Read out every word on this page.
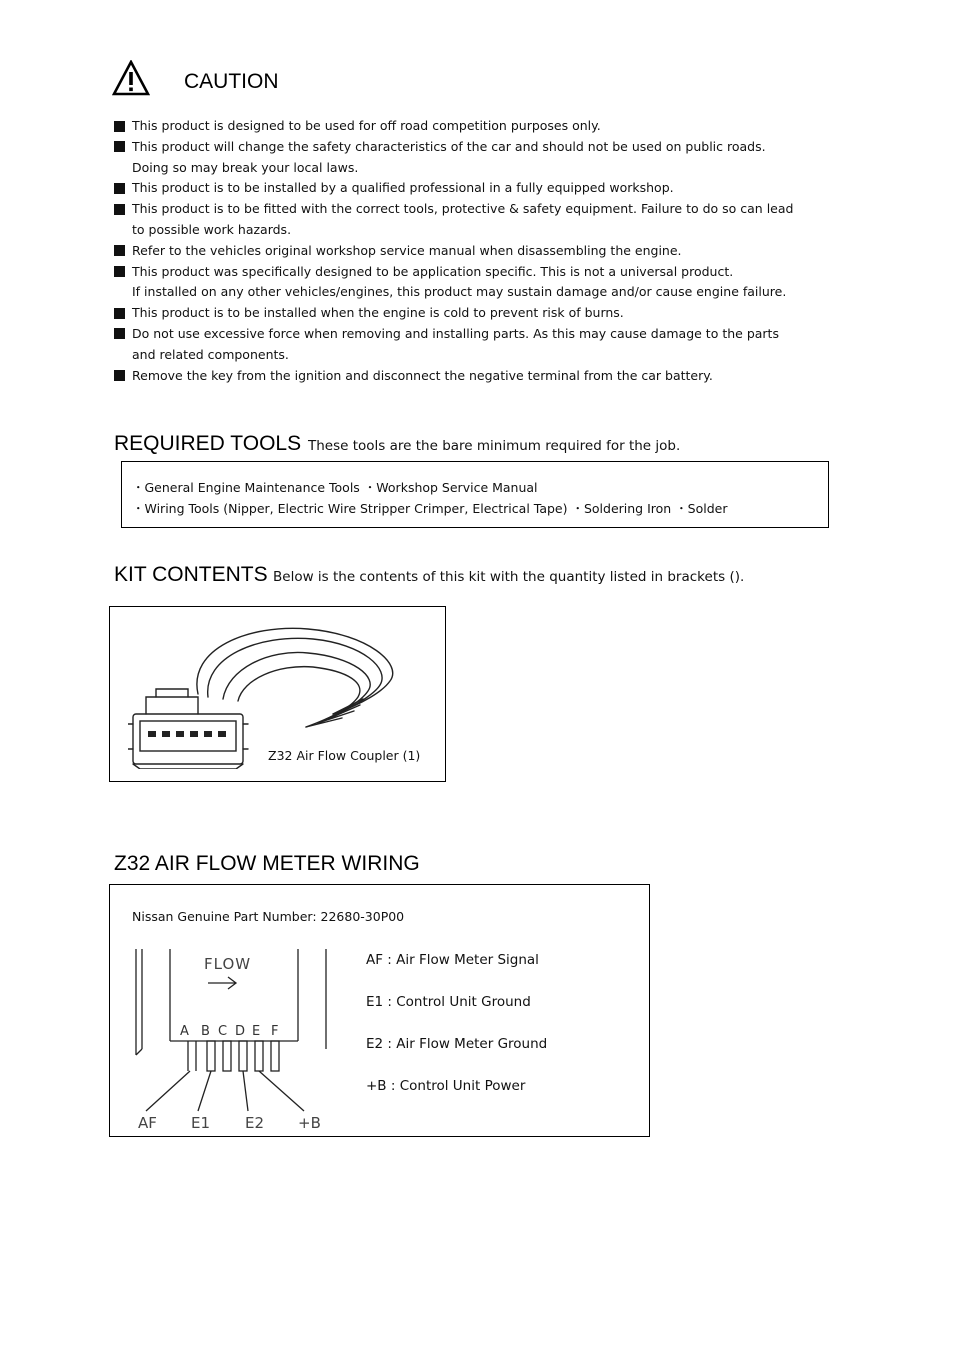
CAUTION
This product is designed to be used for off road competition purposes only.
This product will change the safety characteristics of the car and should not be used on public roads.
Doing so may break your local laws.
This product is to be installed by a qualified professional in a fully equipped workshop.
This product is to be fitted with the correct tools, protective & safety equipment. Failure to do so can lead
to possible work hazards.
Refer to the vehicles original workshop service manual when disassembling the engine.
This product was specifically designed to be application specific. This is not a universal product.
If installed on any other vehicles/engines, this product may sustain damage and/or cause engine failure.
This product is to be installed when the engine is cold to prevent risk of burns.
Do not use excessive force when removing and installing parts. As this may cause damage to the parts
and related components.
Remove the key from the ignition and disconnect the negative terminal from the car battery.
REQUIRED TOOLS These tools are the bare minimum required for the job.
・General Engine Maintenance Tools ・Workshop Service Manual
・Wiring Tools (Nipper, Electric Wire Stripper Crimper, Electrical Tape) ・Soldering Iron ・Solder
KIT CONTENTS Below is the contents of this kit with the quantity listed in brackets ().
Z32 Air Flow Coupler (1)
Z32 AIR FLOW METER WIRING
Nissan Genuine Part Number: 22680-30P00
FLOW
A B C D E F
AF E1 E2 +B
AF : Air Flow Meter Signal
E1 : Control Unit Ground
E2 : Air Flow Meter Ground
+B : Control Unit Power
